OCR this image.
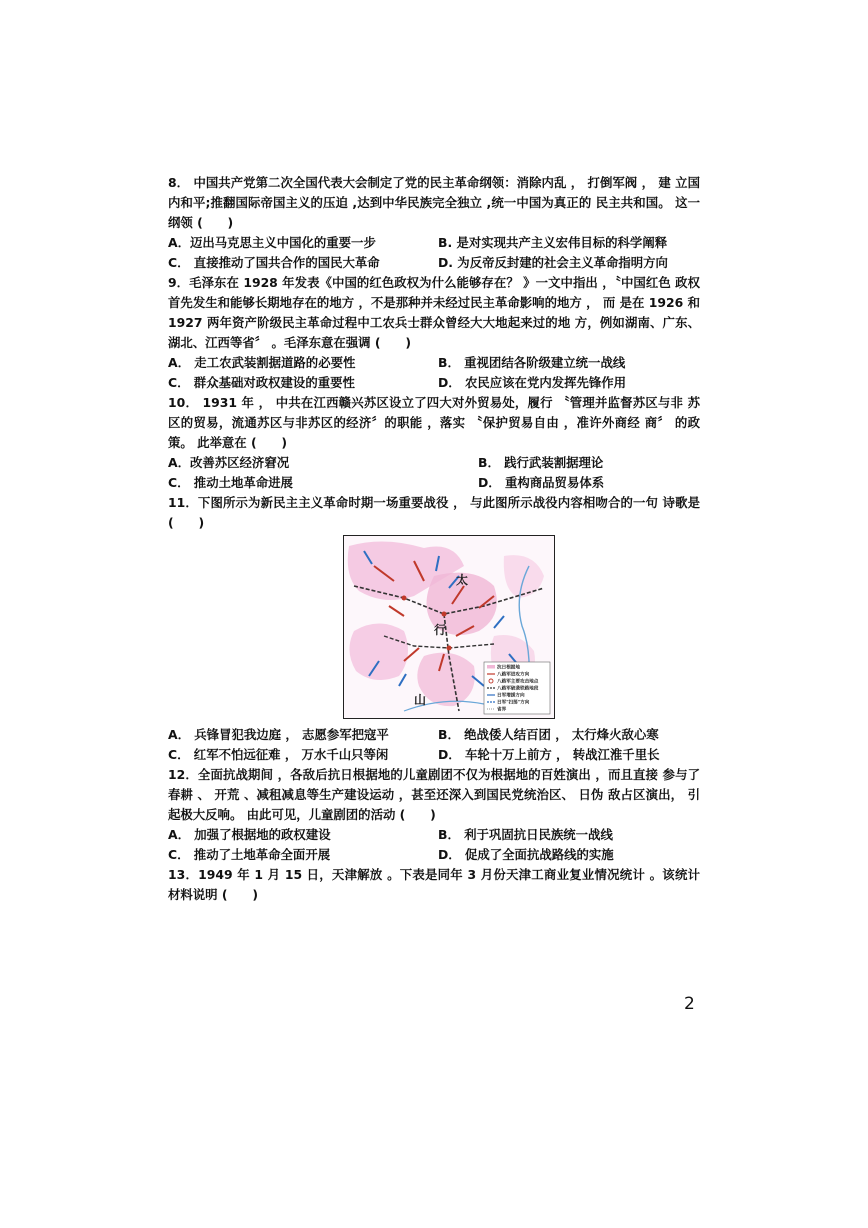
8． 中国共产党第二次全国代表大会制定了党的民主革命纲领：消除内乱 ， 打倒军阀 ， 建 立国内和平;推翻国际帝国主义的压迫 ,达到中华民族完全独立 ,统一中国为真正的 民主共和国。 这一纲领 (　　)

A．迈出马克思主义中国化的重要一步	B. 是对实现共产主义宏伟目标的科学阐释
C． 直接推动了国共合作的国民大革命	D. 为反帝反封建的社会主义革命指明方向

9．毛泽东在 1928 年发表《中国的红色政权为什么能够存在？ 》一文中指出 ，〝中国红色 政权首先发生和能够长期地存在的地方 ，不是那种并未经过民主革命影响的地方 ， 而 是在 1926 和 1927 两年资产阶级民主革命过程中工农兵士群众曾经大大地起来过的地 方，例如湖南、广东、湖北、江西等省〞 。毛泽东意在强调 (　　)

A． 走工农武装割据道路的必要性	B． 重视团结各阶级建立统一战线
C． 群众基础对政权建设的重要性	D． 农民应该在党内发挥先锋作用

10． 1931 年 ， 中共在江西赣兴苏区设立了四大对外贸易处，履行 〝管理并监督苏区与非 苏区的贸易，流通苏区与非苏区的经济〞的职能 ，落实 〝保护贸易自由 ，准许外商经 商〞 的政策。 此举意在 (　　)

A．改善苏区经济窘况	B． 践行武装割据理论
C． 推动土地革命进展	D． 重构商品贸易体系

11．下图所示为新民主主义革命时期一场重要战役 ， 与此图所示战役内容相吻合的一句 诗歌是 (　　)

太
行
山
抗日根据地
八路军进攻方向
八路军主要攻击地点
八路军破袭铁路地段
日军增援方向
日军"扫荡"方向
省界
A． 兵锋冒犯我边庭 ， 志愿参军把寇平	B． 绝战倭人结百团 ， 太行烽火敌心寒
C． 红军不怕远征难 ， 万水千山只等闲	D． 车轮十万上前方 ， 转战江淮千里长

12．全面抗战期间 ，各敌后抗日根据地的儿童剧团不仅为根据地的百姓演出 ，而且直接 参与了春耕 、 开荒 、减租减息等生产建设运动 ，甚至还深入到国民党统治区、 日伪 敌占区演出， 引起极大反响。 由此可见，儿童剧团的活动 (　　)

A． 加强了根据地的政权建设	B． 利于巩固抗日民族统一战线
C． 推动了土地革命全面开展	D． 促成了全面抗战路线的实施

13．1949 年 1 月 15 日，天津解放 。下表是同年 3 月份天津工商业复业情况统计 。该统计 材料说明 (　　)

2
